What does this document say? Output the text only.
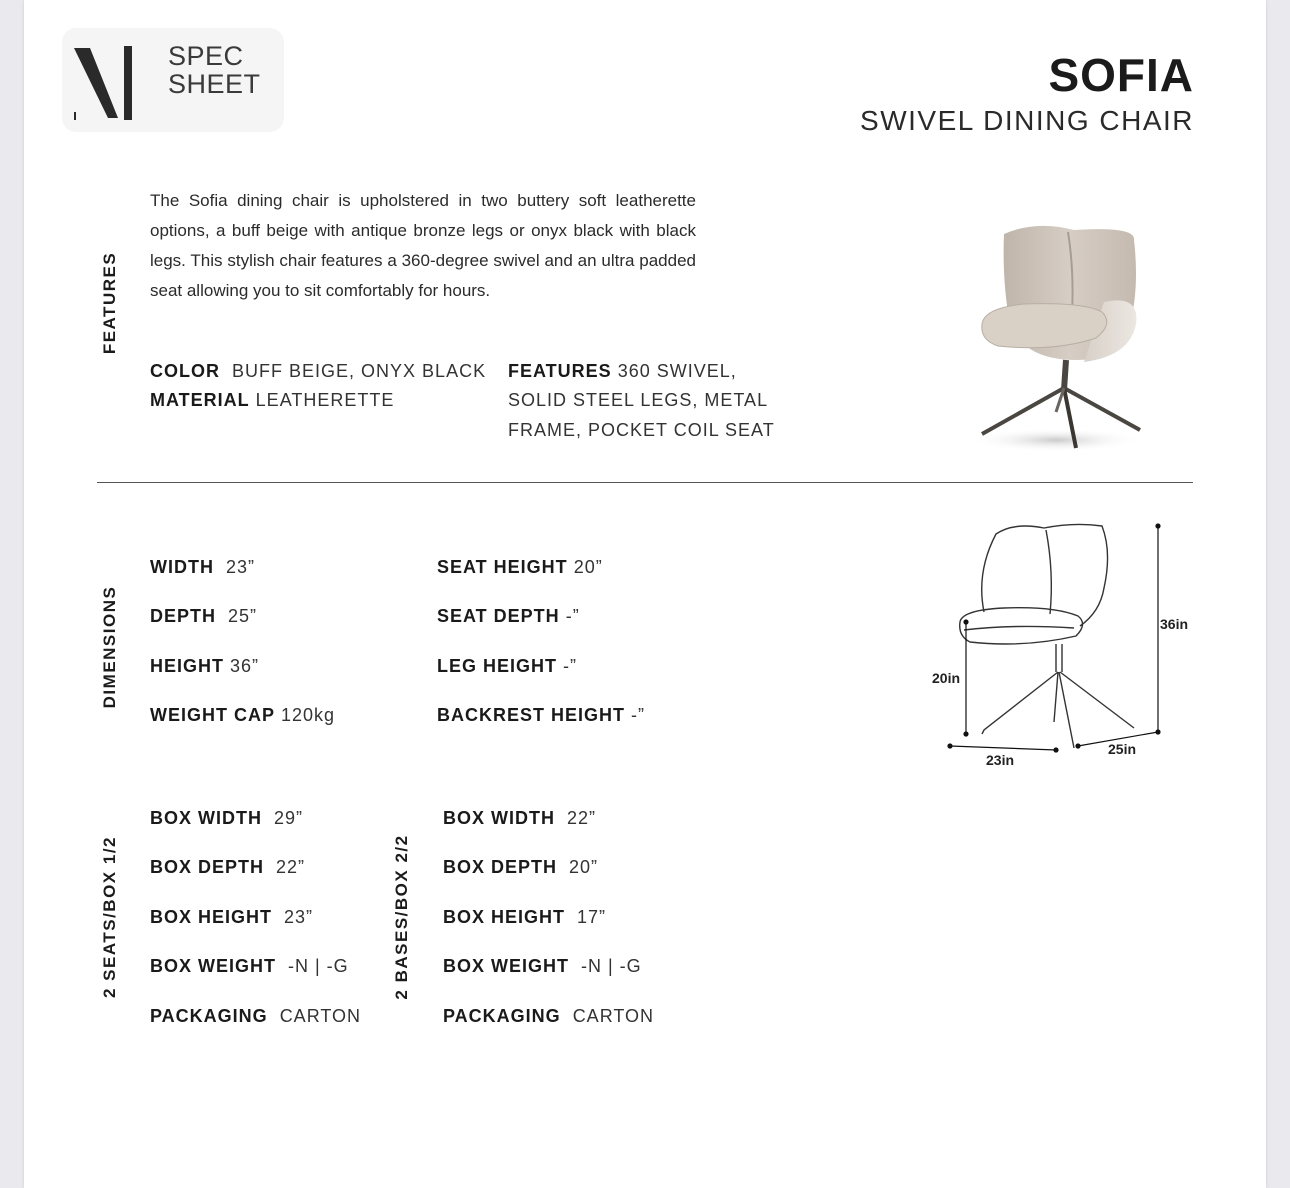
SPEC
SHEET	SOFIA
SWIVEL DINING CHAIR
FEATURES
The Sofia dining chair is upholstered in two buttery soft leatherette options, a buff beige with antique bronze legs or onyx black with black legs. This stylish chair features a 360-degree swivel and an ultra padded seat allowing you to sit comfortably for hours.
COLOR BUFF BEIGE, ONYX BLACK
MATERIAL LEATHERETTE
FEATURES 360 SWIVEL,
SOLID STEEL LEGS, METAL
FRAME, POCKET COIL SEAT
DIMENSIONS
WIDTH 23”
DEPTH 25”
HEIGHT 36”
WEIGHT CAP 120kg
SEAT HEIGHT 20”
SEAT DEPTH -”
LEG HEIGHT -”
BACKREST HEIGHT -”
36in
20in
23in
25in
2 SEATS/BOX 1/2
BOX WIDTH 29”
BOX DEPTH 22”
BOX HEIGHT 23”
BOX WEIGHT -N | -G
PACKAGING CARTON
2 BASES/BOX 2/2
BOX WIDTH 22”
BOX DEPTH 20”
BOX HEIGHT 17”
BOX WEIGHT -N | -G
PACKAGING CARTON
